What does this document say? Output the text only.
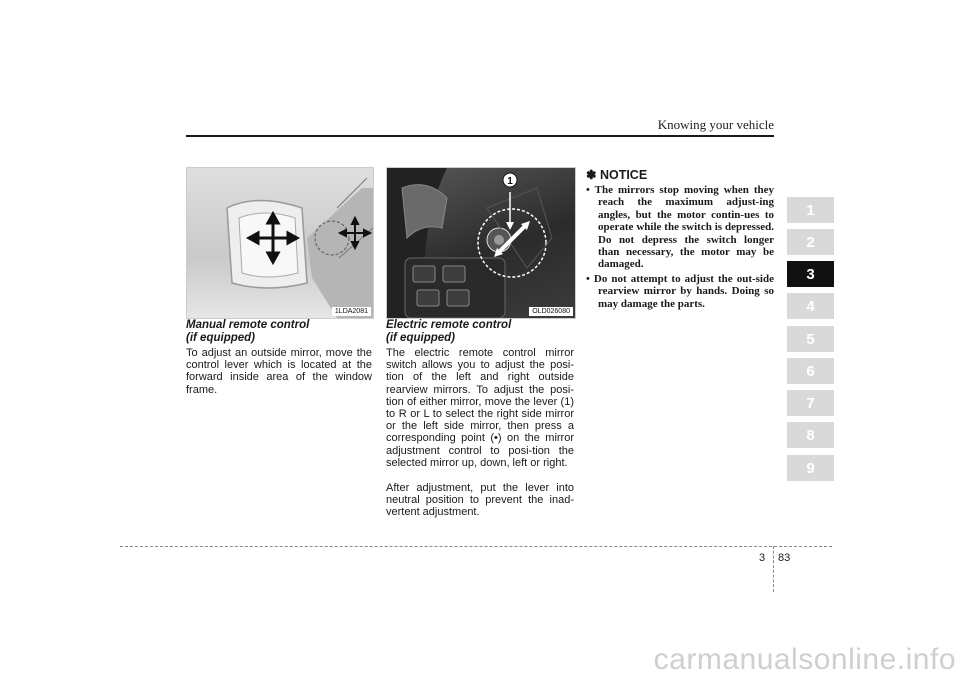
Knowing your vehicle
1LDA2081
1
OLD026080
Manual remote control
(if equipped)
To adjust an outside mirror, move the control lever which is located at the forward inside area of the window frame.
Electric remote control
(if equipped)
The electric remote control mirror switch allows you to adjust the posi-tion of the left and right outside rearview mirrors. To adjust the posi-tion of either mirror, move the lever (1) to R or L to select the right side mirror or the left side mirror, then press a corresponding point (•) on the mirror adjustment control to posi-tion the selected mirror up, down, left or right.
After adjustment, put the lever into neutral position to prevent the inad-vertent adjustment.
✽ NOTICE
• The mirrors stop moving when they reach the maximum adjust-ing angles, but the motor contin-ues to operate while the switch is depressed. Do not depress the switch longer than necessary, the motor may be damaged.
• Do not attempt to adjust the out-side rearview mirror by hands. Doing so may damage the parts.
1
2
3
4
5
6
7
8
9
3 83
carmanualsonline.info
